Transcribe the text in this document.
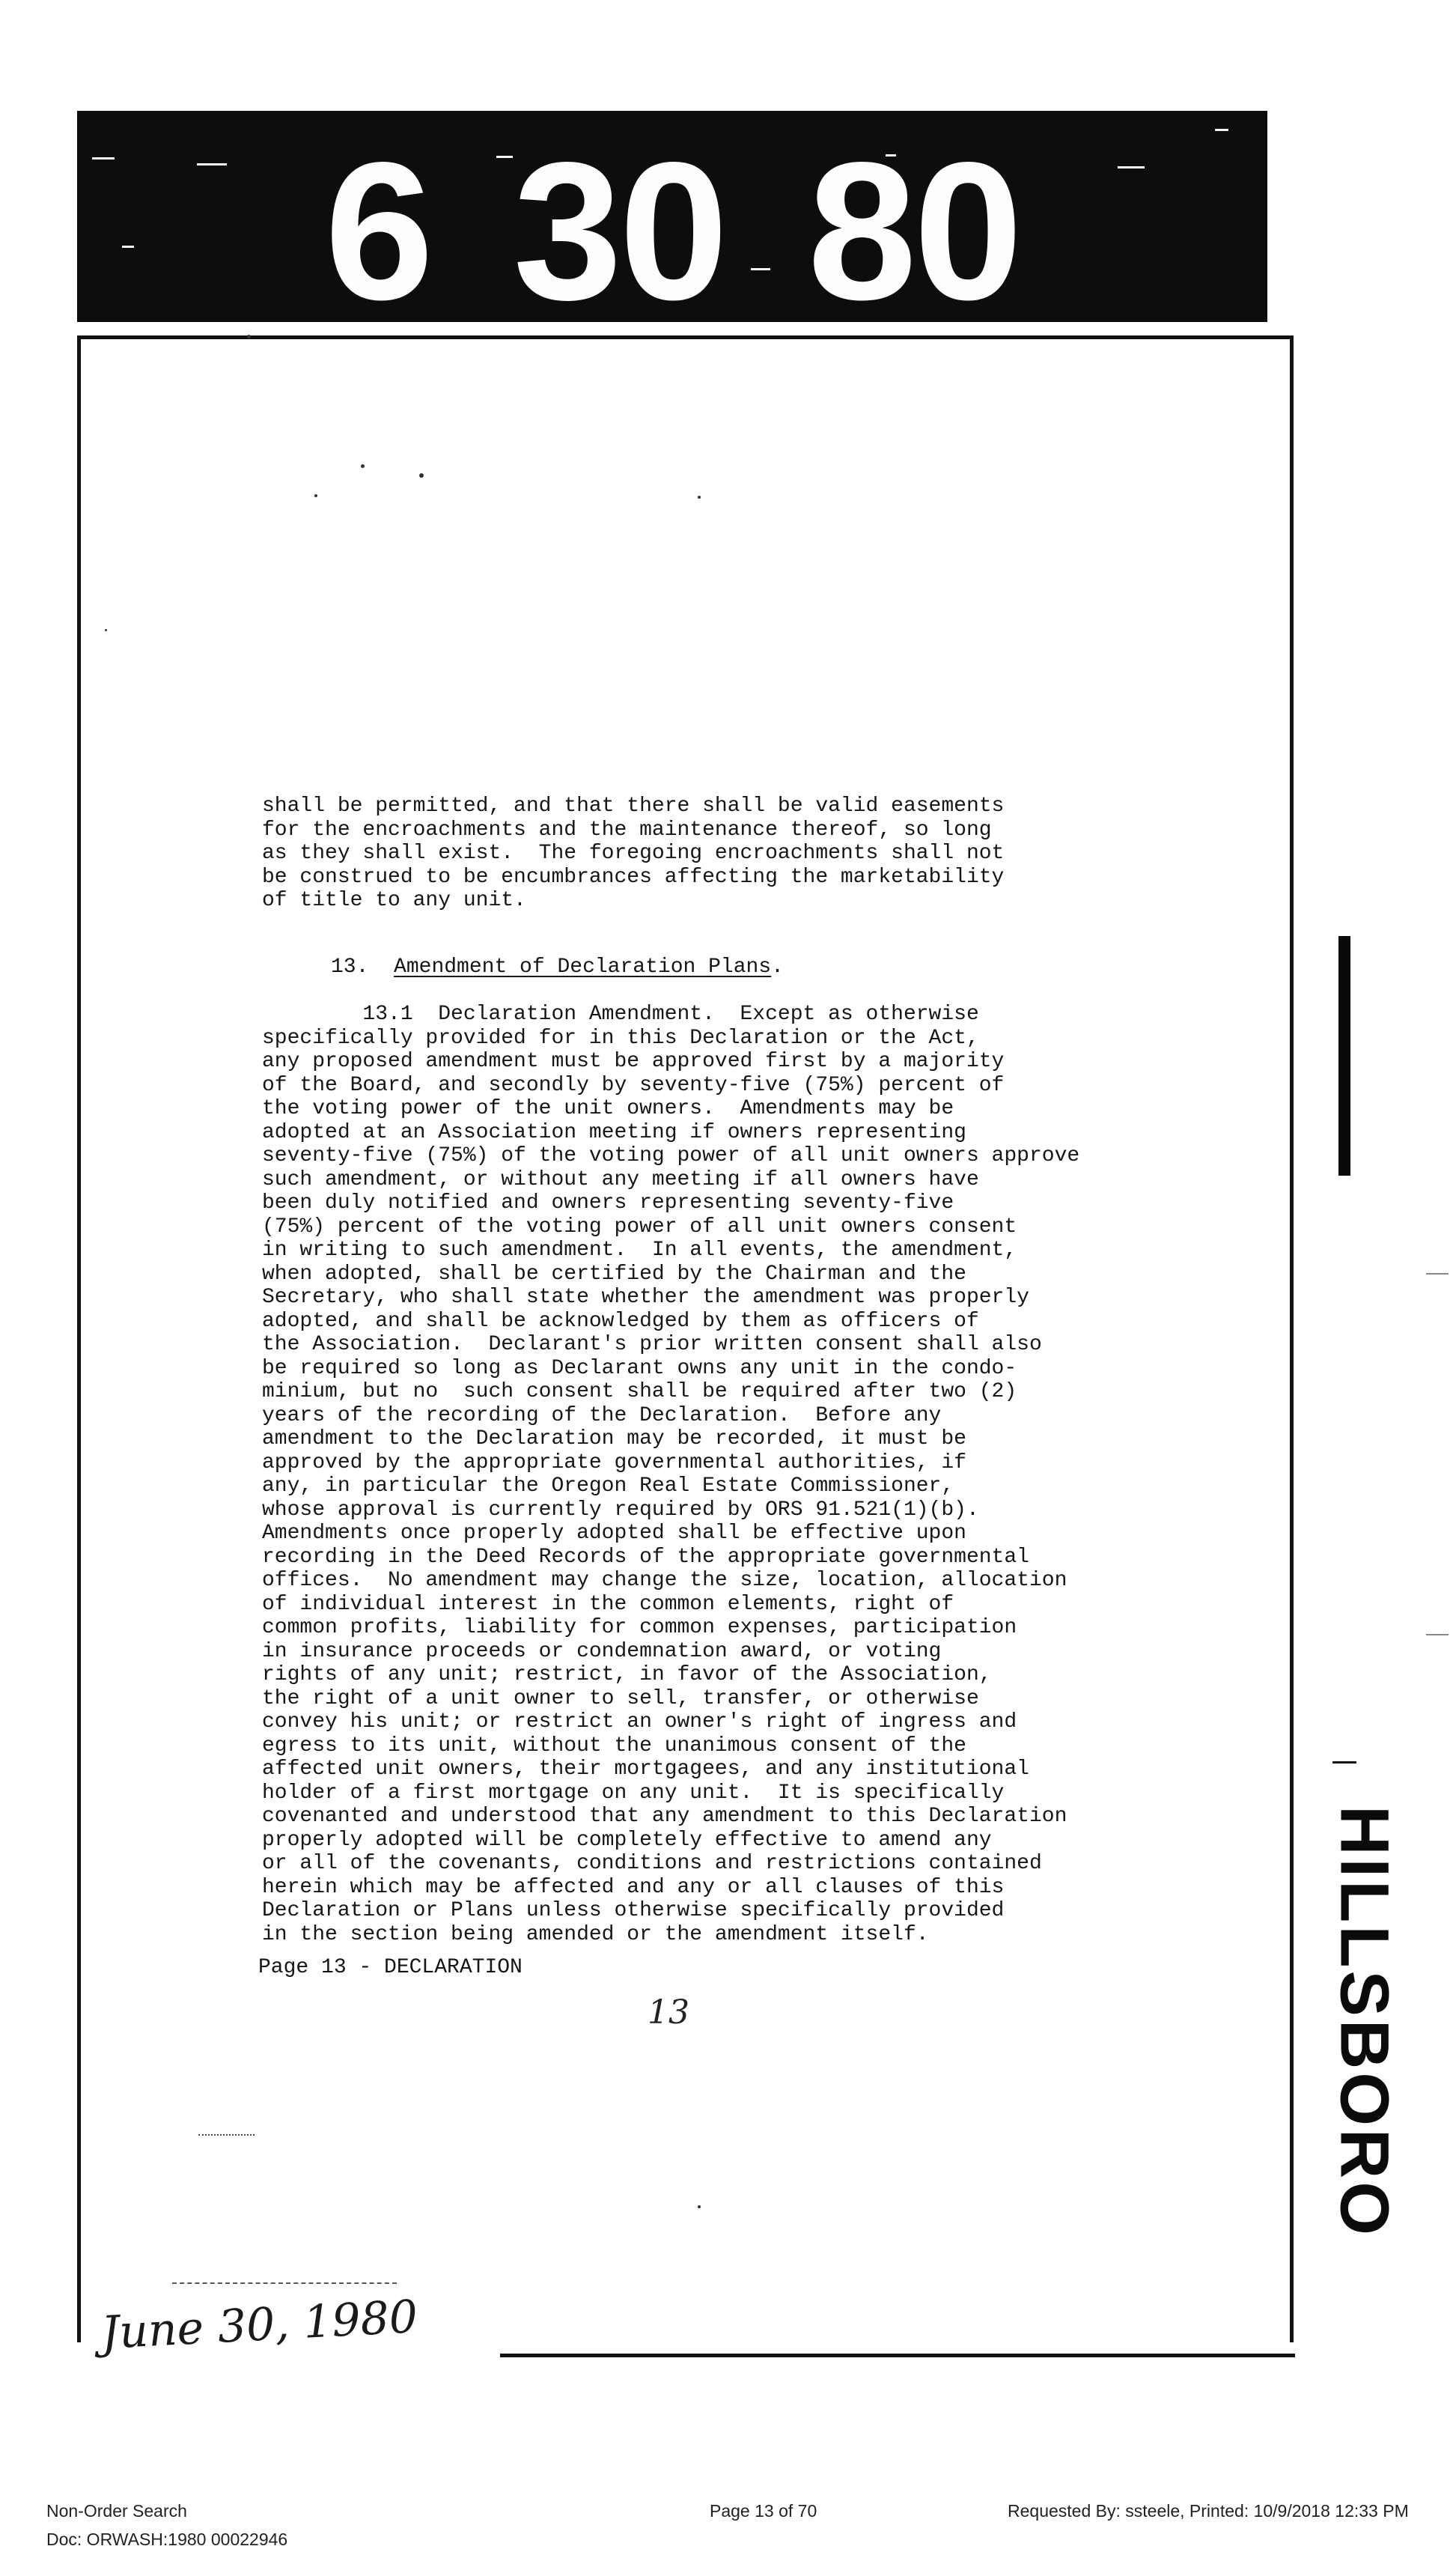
6 30 80
shall be permitted, and that there shall be valid easements
for the encroachments and the maintenance thereof, so long
as they shall exist.  The foregoing encroachments shall not
be construed to be encumbrances affecting the marketability
of title to any unit.
13. Amendment of Declaration Plans.
13.1  Declaration Amendment.  Except as otherwise
specifically provided for in this Declaration or the Act,
any proposed amendment must be approved first by a majority
of the Board, and secondly by seventy-five (75%) percent of
the voting power of the unit owners.  Amendments may be
adopted at an Association meeting if owners representing
seventy-five (75%) of the voting power of all unit owners approve
such amendment, or without any meeting if all owners have
been duly notified and owners representing seventy-five
(75%) percent of the voting power of all unit owners consent
in writing to such amendment.  In all events, the amendment,
when adopted, shall be certified by the Chairman and the
Secretary, who shall state whether the amendment was properly
adopted, and shall be acknowledged by them as officers of
the Association.  Declarant's prior written consent shall also
be required so long as Declarant owns any unit in the condo-
minium, but no  such consent shall be required after two (2)
years of the recording of the Declaration.  Before any
amendment to the Declaration may be recorded, it must be
approved by the appropriate governmental authorities, if
any, in particular the Oregon Real Estate Commissioner,
whose approval is currently required by ORS 91.521(1)(b).
Amendments once properly adopted shall be effective upon
recording in the Deed Records of the appropriate governmental
offices.  No amendment may change the size, location, allocation
of individual interest in the common elements, right of
common profits, liability for common expenses, participation
in insurance proceeds or condemnation award, or voting
rights of any unit; restrict, in favor of the Association,
the right of a unit owner to sell, transfer, or otherwise
convey his unit; or restrict an owner's right of ingress and
egress to its unit, without the unanimous consent of the
affected unit owners, their mortgagees, and any institutional
holder of a first mortgage on any unit.  It is specifically
covenanted and understood that any amendment to this Declaration
properly adopted will be completely effective to amend any
or all of the covenants, conditions and restrictions contained
herein which may be affected and any or all clauses of this
Declaration or Plans unless otherwise specifically provided
in the section being amended or the amendment itself.
Page 13 - DECLARATION
13
June 30, 1980
HILLSBORO
Non-Order Search
Doc: ORWASH:1980 00022946
Page 13 of 70	Requested By: ssteele, Printed: 10/9/2018 12:33 PM
